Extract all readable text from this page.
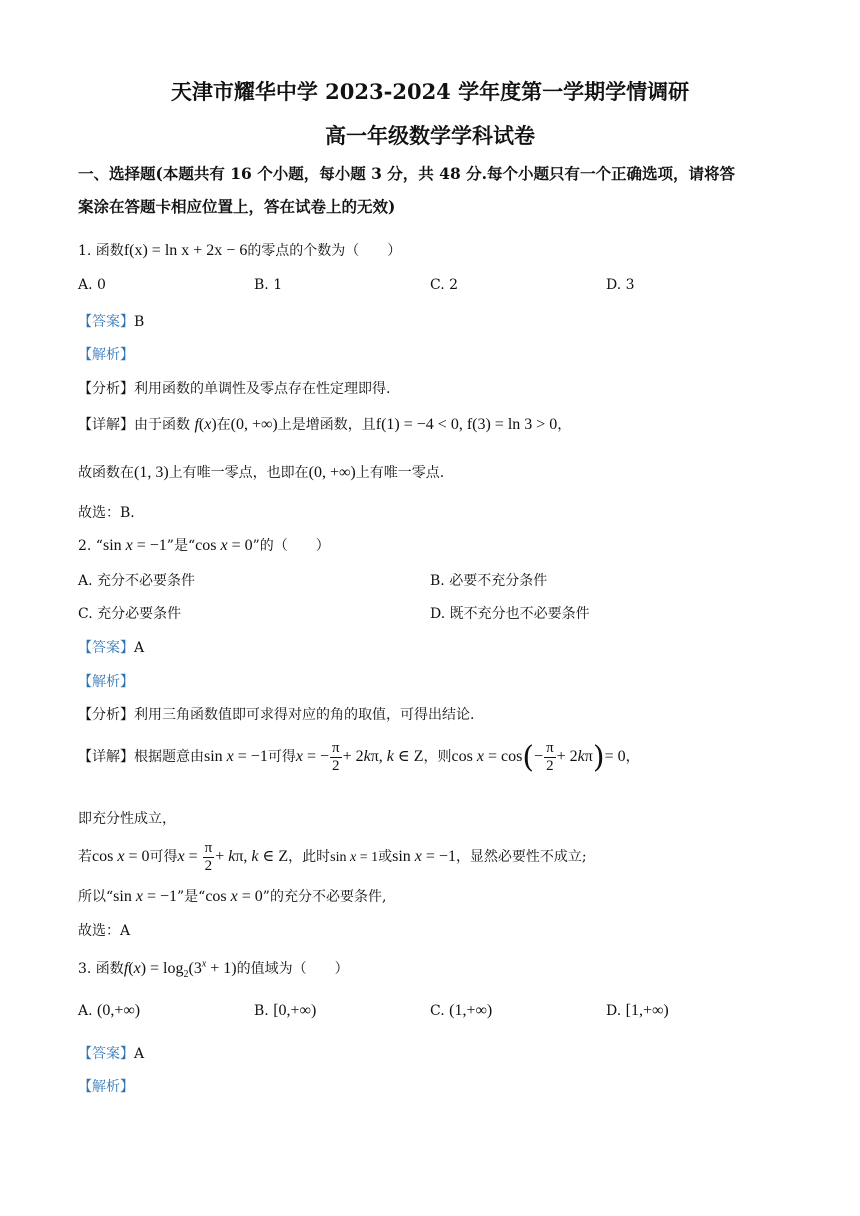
天津市耀华中学 2023-2024 学年度第一学期学情调研
高一年级数学学科试卷
一、选择题(本题共有 16 个小题，每小题 3 分，共 48 分.每个小题只有一个正确选项，请将答
案涂在答题卡相应位置上，答在试卷上的无效)
1. 函数f(x) = ln x + 2x − 6的零点的个数为（　　）
A. 0	B. 1	C. 2	D. 3
【答案】B
【解析】
【分析】利用函数的单调性及零点存在性定理即得.
【详解】由于函数 f(x)在(0, +∞)上是增函数，且f(1) = −4 < 0, f(3) = ln 3 > 0，
故函数在(1, 3)上有唯一零点，也即在(0, +∞)上有唯一零点.
故选：B.
2. “sin x = −1”是“cos x = 0”的（　　）
A. 充分不必要条件	B. 必要不充分条件
C. 充分必要条件	D. 既不充分也不必要条件
【答案】A
【解析】
【分析】利用三角函数值即可求得对应的角的取值，可得出结论.
【详解】根据题意由sin x = −1可得x = − $\frac{\pi}{2} + 2k\pi$, k ∈ Z，则$\cos x = \cos(- \frac{\pi}{2} + 2k\pi)= 0$，
即充分性成立，
若cos x = 0可得$x = \frac{\pi}{2} + k\pi$, k ∈ Z，此时sin x = 1或sin x = −1，显然必要性不成立;
所以“sin x = −1”是“cos x = 0”的充分不必要条件,
故选：A
3. 函数$f(x) = \log_2(3^x + 1)$的值域为（　　）
A. (0,+∞)	B. [0,+∞)	C. (1,+∞)	D. [1,+∞)
【答案】A
【解析】
